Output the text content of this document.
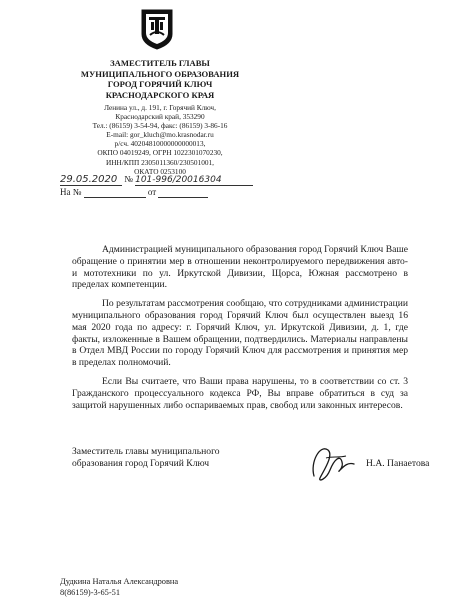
ЗАМЕСТИТЕЛЬ ГЛАВЫ
МУНИЦИПАЛЬНОГО ОБРАЗОВАНИЯ
ГОРОД ГОРЯЧИЙ КЛЮЧ
КРАСНОДАРСКОГО КРАЯ
Ленина ул., д. 191, г. Горячий Ключ,
Краснодарский край, 353290
Тел.: (86159) 3-54-94, факс: (86159) 3-86-16
E-mail: gor_kluch@mo.krasnodar.ru
р/сч. 40204810000000000013,
ОКПО 04019249, ОГРН 1022301070230,
ИНН/КПП 2305011360/230501001,
ОКАТО 0253100
29.05.2020 № 101-996/20016304
На №	от

Администрацией муниципального образования город Горячий Ключ Ваше обращение о принятии мер в отношении неконтролируемого передвижения авто- и мототехники по ул. Иркутской Дивизии, Щорса, Южная рассмотрено в пределах компетенции.

По результатам рассмотрения сообщаю, что сотрудниками администрации муниципального образования город Горячий Ключ был осуществлен выезд 16 мая 2020 года по адресу: г. Горячий Ключ, ул. Иркутской Дивизии, д. 1, где факты, изложенные в Вашем обращении, подтвердились. Материалы направлены в Отдел МВД России по городу Горячий Ключ для рассмотрения и принятия мер в пределах полномочий.

Если Вы считаете, что Ваши права нарушены, то в соответствии со ст. 3 Гражданского процессуального кодекса РФ, Вы вправе обратиться в суд за защитой нарушенных либо оспариваемых прав, свобод или законных интересов.

Заместитель главы муниципального
образования город Горячий Ключ	Н.А. Панаетова
Дудкина Наталья Александровна
8(86159)-3-65-51
